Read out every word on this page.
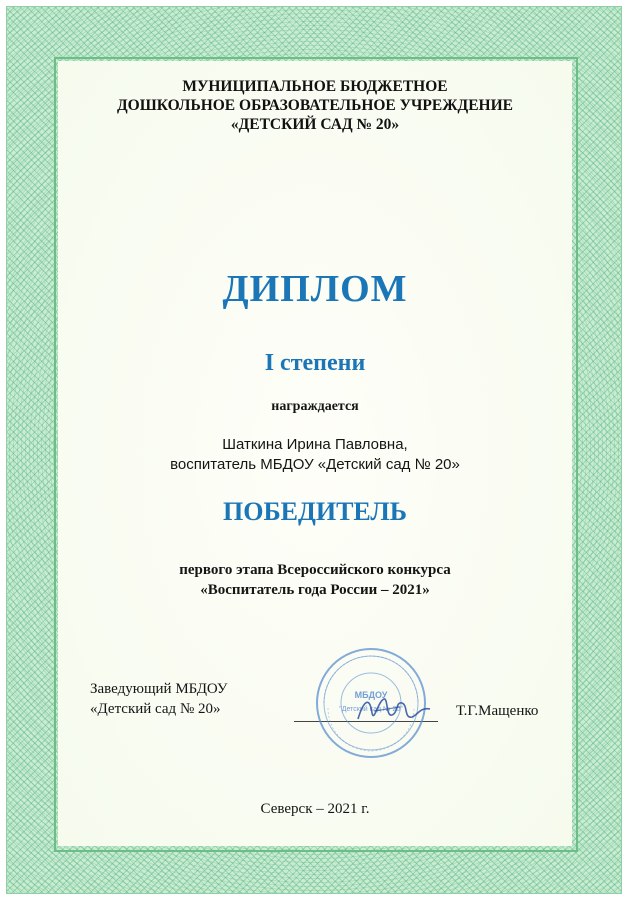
МУНИЦИПАЛЬНОЕ БЮДЖЕТНОЕ
ДОШКОЛЬНОЕ ОБРАЗОВАТЕЛЬНОЕ УЧРЕЖДЕНИЕ
«ДЕТСКИЙ САД № 20»
ДИПЛОМ
I степени
награждается
Шаткина Ирина Павловна,
воспитатель МБДОУ «Детский сад № 20»
ПОБЕДИТЕЛЬ
первого этапа Всероссийского конкурса
«Воспитатель года России – 2021»
Заведующий МБДОУ
«Детский сад № 20»
МБДОУ
"Детский сад № 20"	Т.Г.Мащенко
Северск – 2021 г.
